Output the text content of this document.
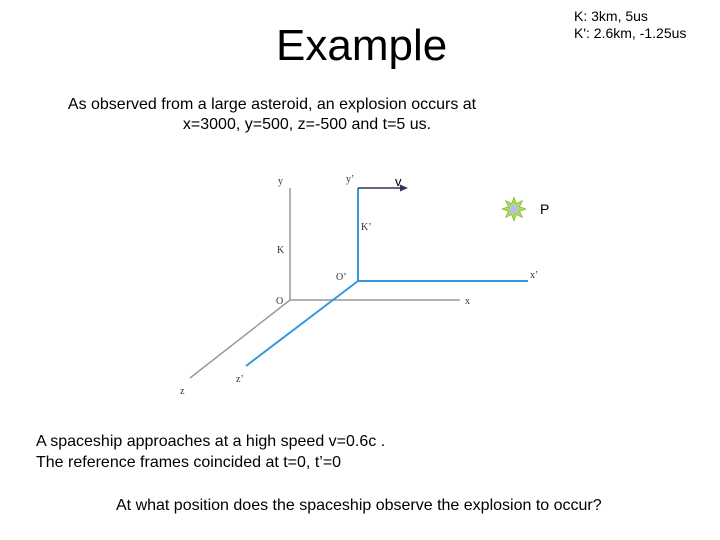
Example
K: 3km, 5us
K': 2.6km, -1.25us
As observed from a large asteroid, an explosion occurs at
x=3000, y=500, z=-500 and t=5 us.
y
K
O	x
z
y’
K’
O’	x’
z’
v
P
A spaceship approaches at a high speed v=0.6c .
The reference frames coincided at t=0, t’=0
At what position does the spaceship observe the explosion to occur?
